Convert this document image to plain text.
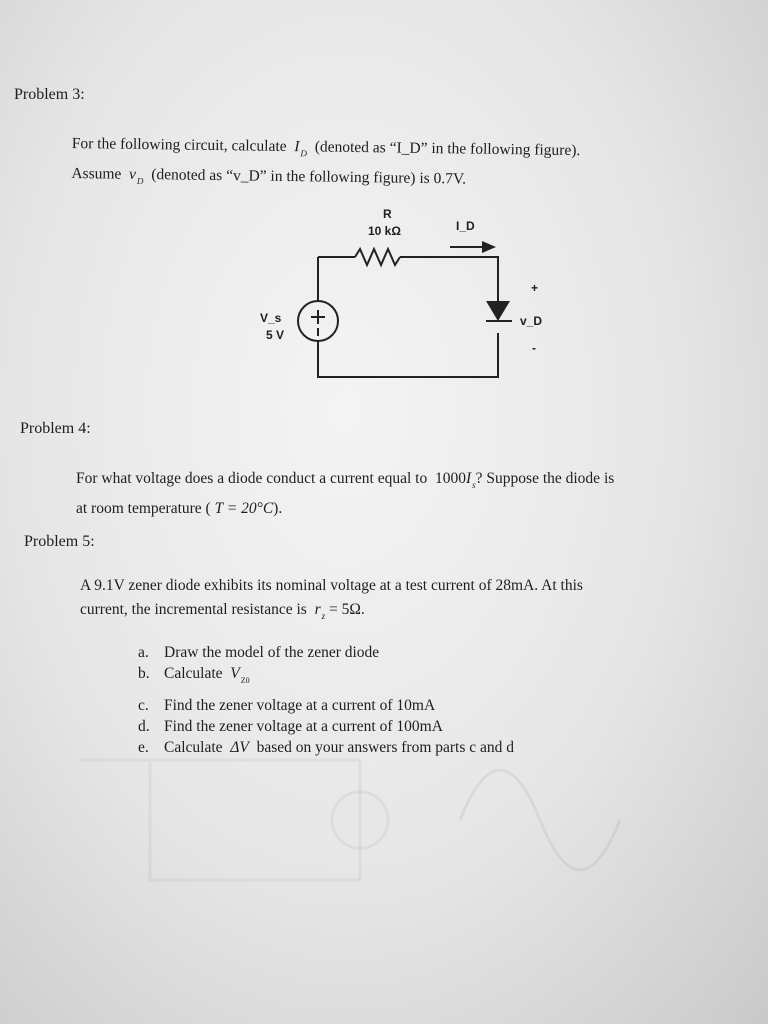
Problem 3:
For the following circuit, calculate $I_D$ (denoted as “I_D” in the following figure).
Assume $v_D$ (denoted as “v_D” in the following figure) is 0.7V.
R
10 kΩ	I_D
V_s
5 V
+
v_D
-
Problem 4:
For what voltage does a diode conduct a current equal to $1000I_s$? Suppose the diode is
at room temperature ( T = 20°C).
Problem 5:
A 9.1V zener diode exhibits its nominal voltage at a test current of 28mA. At this
current, the incremental resistance is $r_z = 5\Omega$.
a. Draw the model of the zener diode
b. Calculate $V_{Z0}$
c. Find the zener voltage at a current of 10mA
d. Find the zener voltage at a current of 100mA
e. Calculate ΔV based on your answers from parts c and d
